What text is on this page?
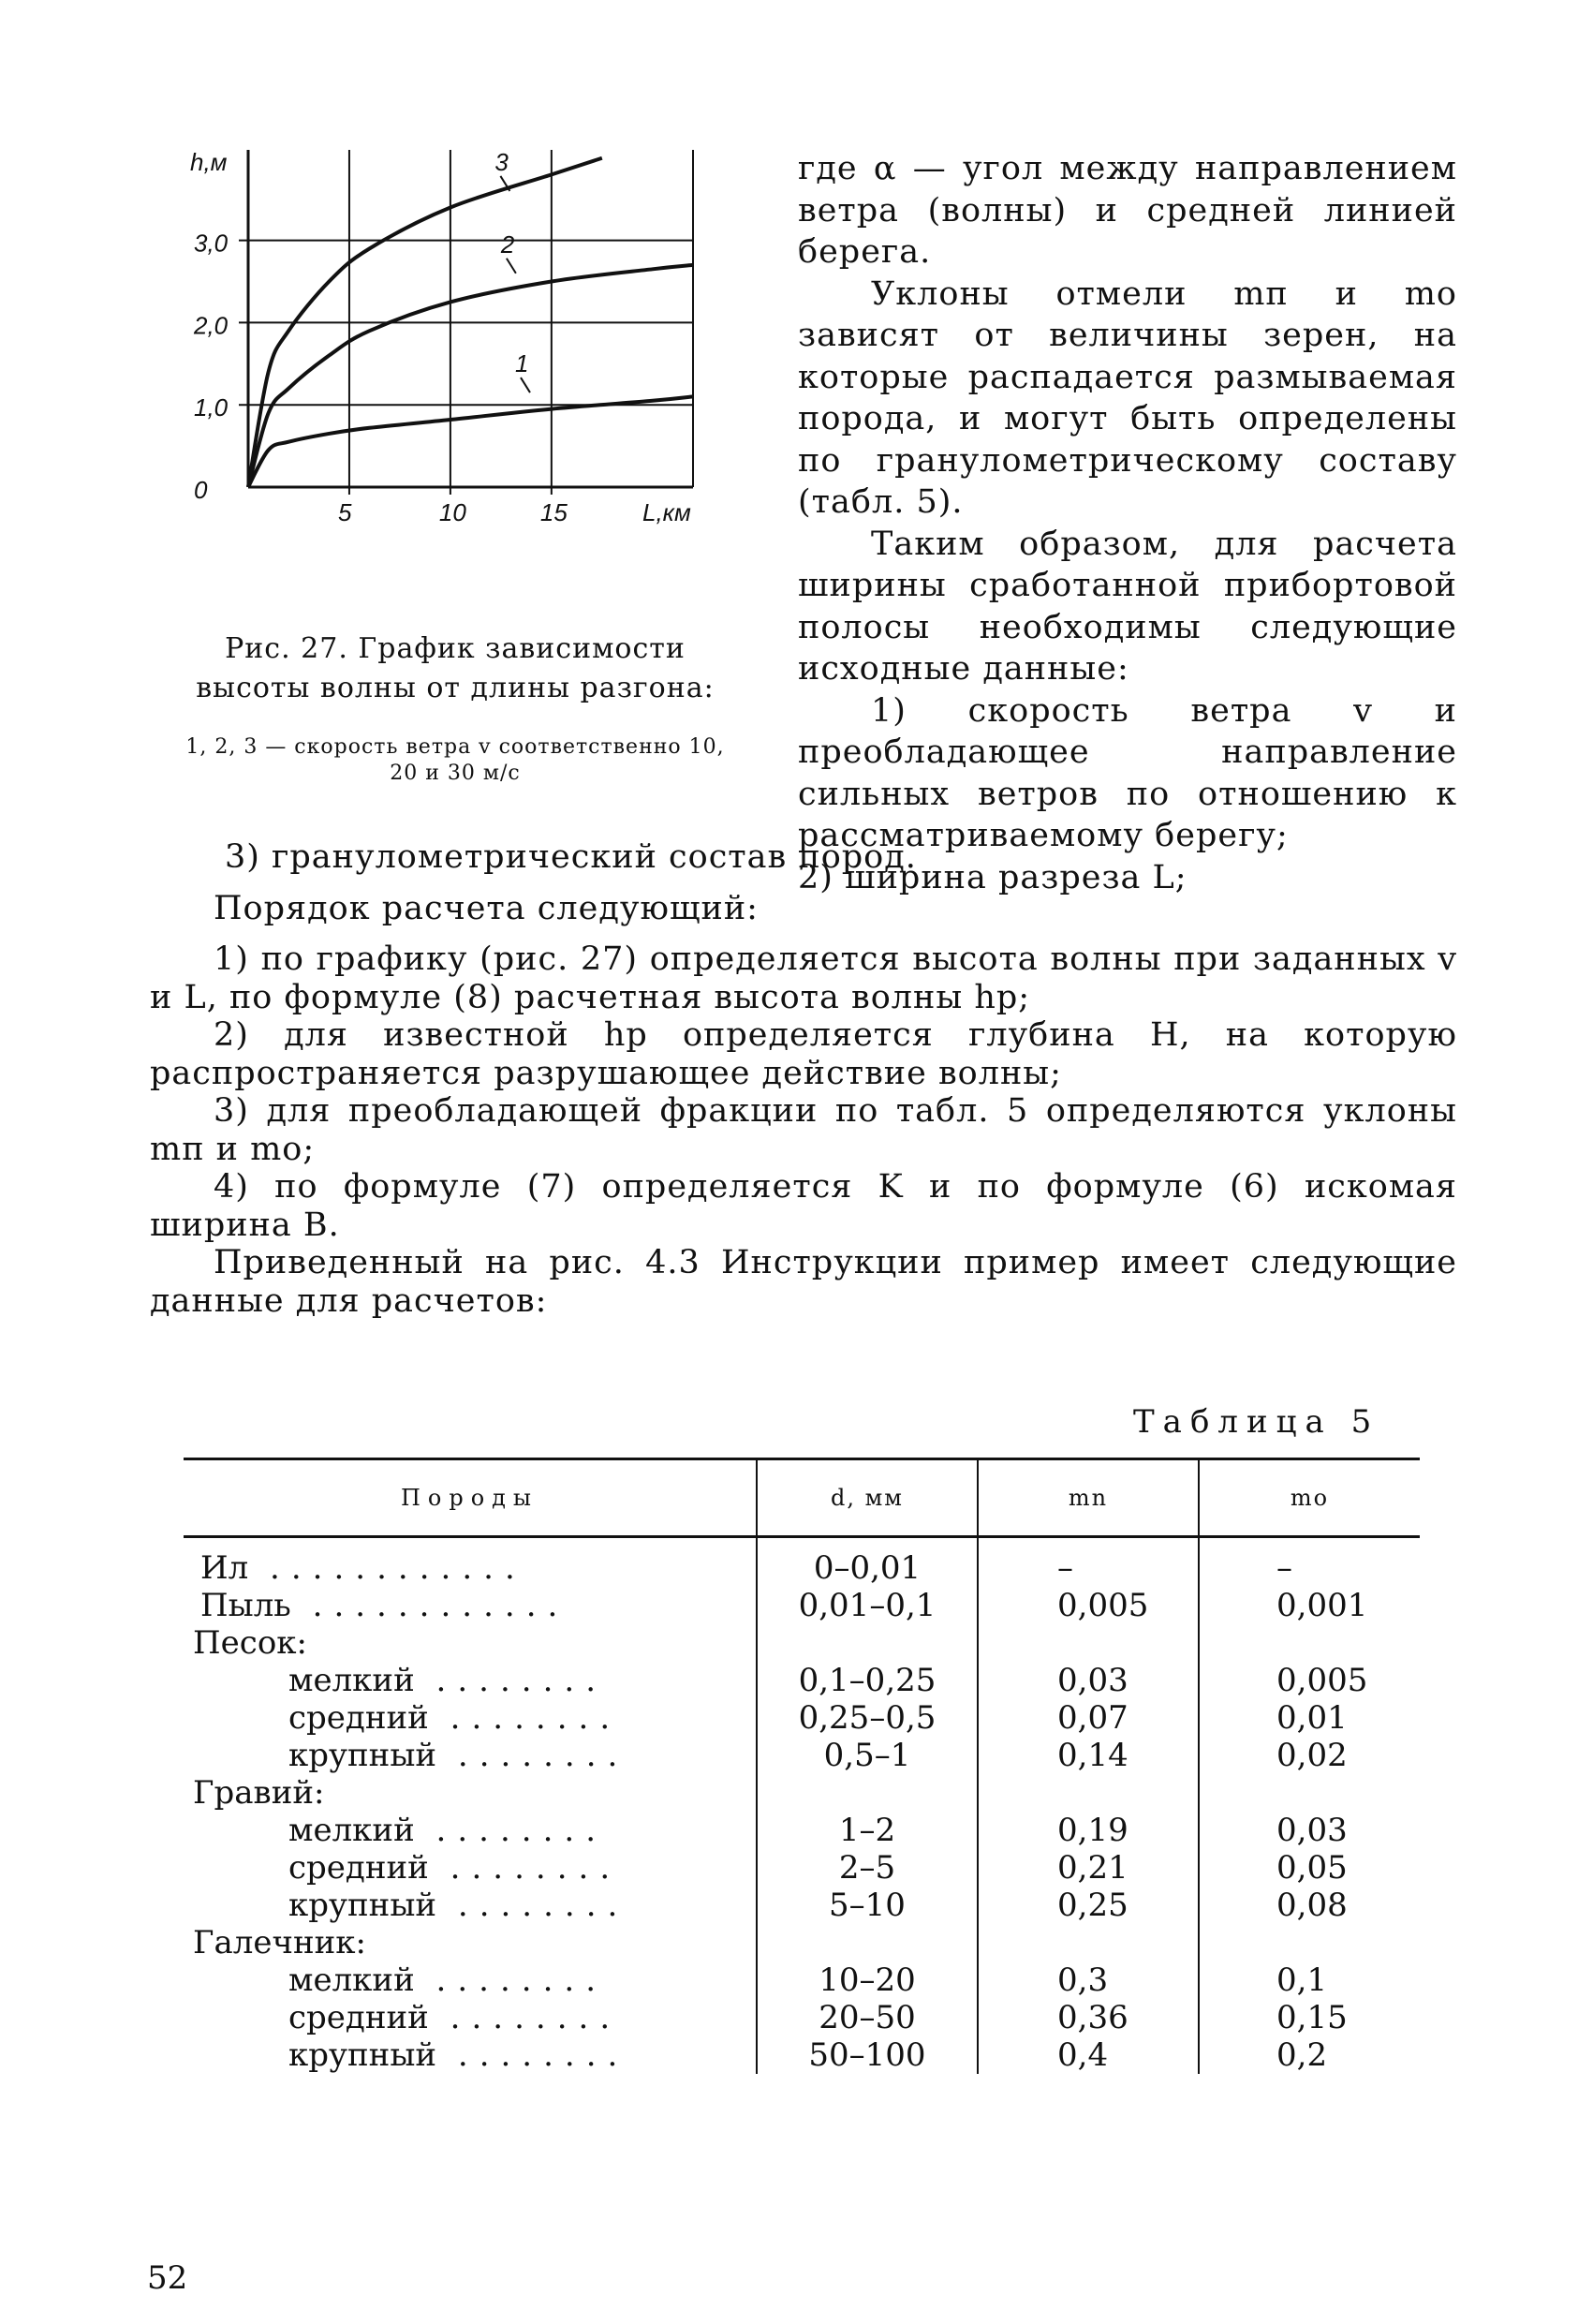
3,0
2,0
1,0
0
5	10	15
h,м
L,км
3
2
1
Рис. 27. График зависимости высоты волны от длины разгона:
1, 2, 3 — скорость ветра v соответственно 10, 20 и 30 м/с

где α — угол между направлением ветра (волны) и средней линией берега.

Уклоны отмели mп и mо зависят от величины зерен, на которые распадается размываемая порода, и могут быть определены по гранулометрическому составу (табл. 5).

Таким образом, для расчета ширины сработанной прибортовой полосы необходимы следующие исходные данные:

1) скорость ветра v и преобладающее направление сильных ветров по отношению к рассматриваемому берегу;

2) ширина разреза L;

3) гранулометрический состав пород.

Порядок расчета следующий:

1) по графику (рис. 27) определяется высота волны при заданных v и L, по формуле (8) расчетная высота волны hр;

2) для известной hр определяется глубина H, на которую распространяется разрушающее действие волны;

3) для преобладающей фракции по табл. 5 определяются уклоны mп и mо;

4) по формуле (7) определяется K и по формуле (6) искомая ширина B.

Приведенный на рис. 4.3 Инструкции пример имеет следующие данные для расчетов:

Таблица 5
Породы	d, мм	mn	mo
Ил ............	0–0,01	–	–
Пыль ............	0,01–0,1	0,005	0,001
Песок:			
мелкий ........	0,1–0,25	0,03	0,005
средний ........	0,25–0,5	0,07	0,01
крупный ........	0,5–1	0,14	0,02
Гравий:			
мелкий ........	1–2	0,19	0,03
средний ........	2–5	0,21	0,05
крупный ........	5–10	0,25	0,08
Галечник:			
мелкий ........	10–20	0,3	0,1
средний ........	20–50	0,36	0,15
крупный ........	50–100	0,4	0,2
52
